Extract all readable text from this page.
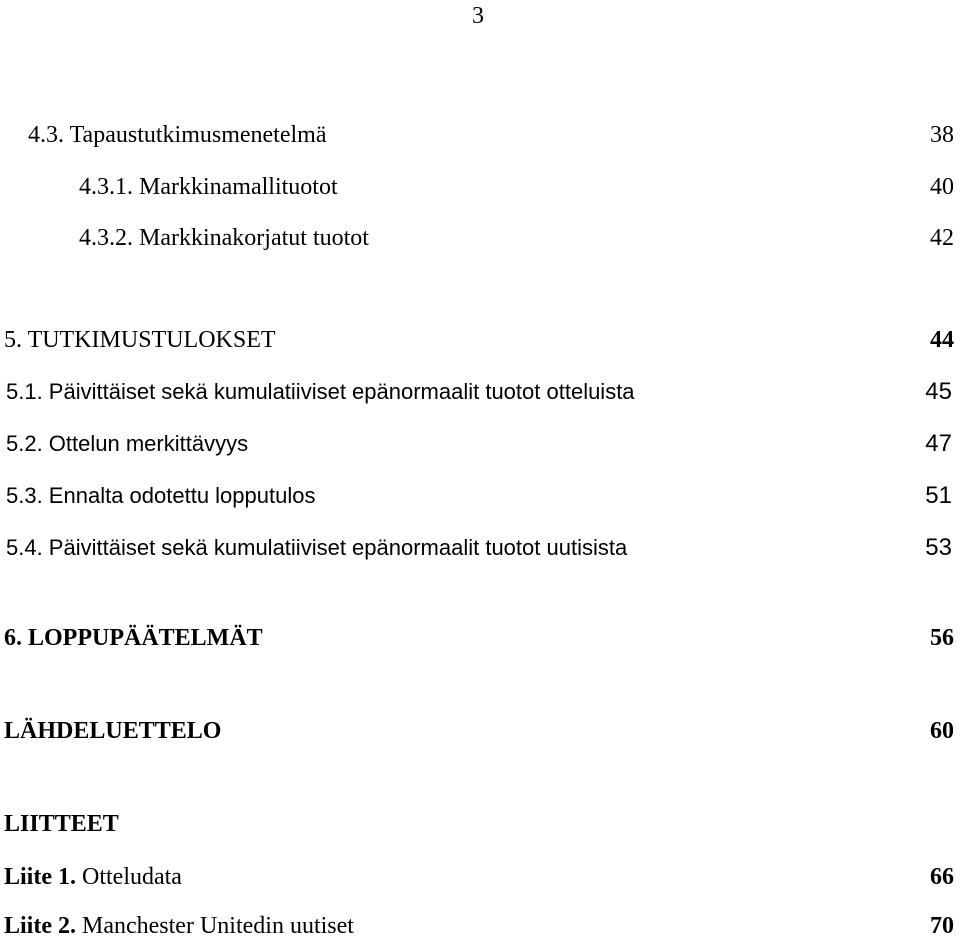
3
4.3. Tapaustutkimusmenetelmä	38
4.3.1. Markkinamallituotot	40
4.3.2. Markkinakorjatut tuotot	42
5. TUTKIMUSTULOKSET	44
5.1. Päivittäiset sekä kumulatiiviset epänormaalit tuotot otteluista	45
5.2. Ottelun merkittävyys	47
5.3. Ennalta odotettu lopputulos	51
5.4. Päivittäiset sekä kumulatiiviset epänormaalit tuotot uutisista	53
6. LOPPUPÄÄTELMÄT	56
LÄHDELUETTELO	60
LIITTEET
Liite 1. Otteludata	66
Liite 2. Manchester Unitedin uutiset	70
